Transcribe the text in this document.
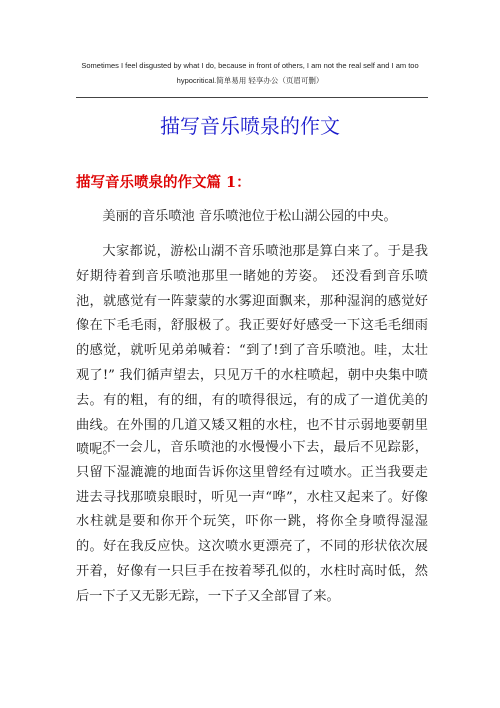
Sometimes I feel disgusted by what I do, because in front of others, I am not the real self and I am too
hypocritical.简单易用 轻享办公（页眉可删）
描写音乐喷泉的作文
描写音乐喷泉的作文篇 1：

美丽的音乐喷池 音乐喷池位于松山湖公园的中央。

大家都说，游松山湖不音乐喷池那是算白来了。于是我好期待着到音乐喷池那里一睹她的芳姿。 还没看到音乐喷池，就感觉有一阵蒙蒙的水雾迎面飘来，那种湿润的感觉好像在下毛毛雨，舒服极了。我正要好好感受一下这毛毛细雨的感觉，就听见弟弟喊着：“到了!到了音乐喷池。哇，太壮观了!” 我们循声望去，只见万千的水柱喷起，朝中央集中喷去。有的粗，有的细，有的喷得很远，有的成了一道优美的曲线。在外围的几道又矮又粗的水柱，也不甘示弱地要朝里喷呢。

不一会儿，音乐喷池的水慢慢小下去，最后不见踪影，只留下湿漉漉的地面告诉你这里曾经有过喷水。正当我要走进去寻找那喷泉眼时，听见一声“哗”，水柱又起来了。好像水柱就是要和你开个玩笑，吓你一跳，将你全身喷得湿湿的。好在我反应快。这次喷水更漂亮了，不同的形状依次展开着，好像有一只巨手在按着琴孔似的，水柱时高时低，然后一下子又无影无踪，一下子又全部冒了来。
